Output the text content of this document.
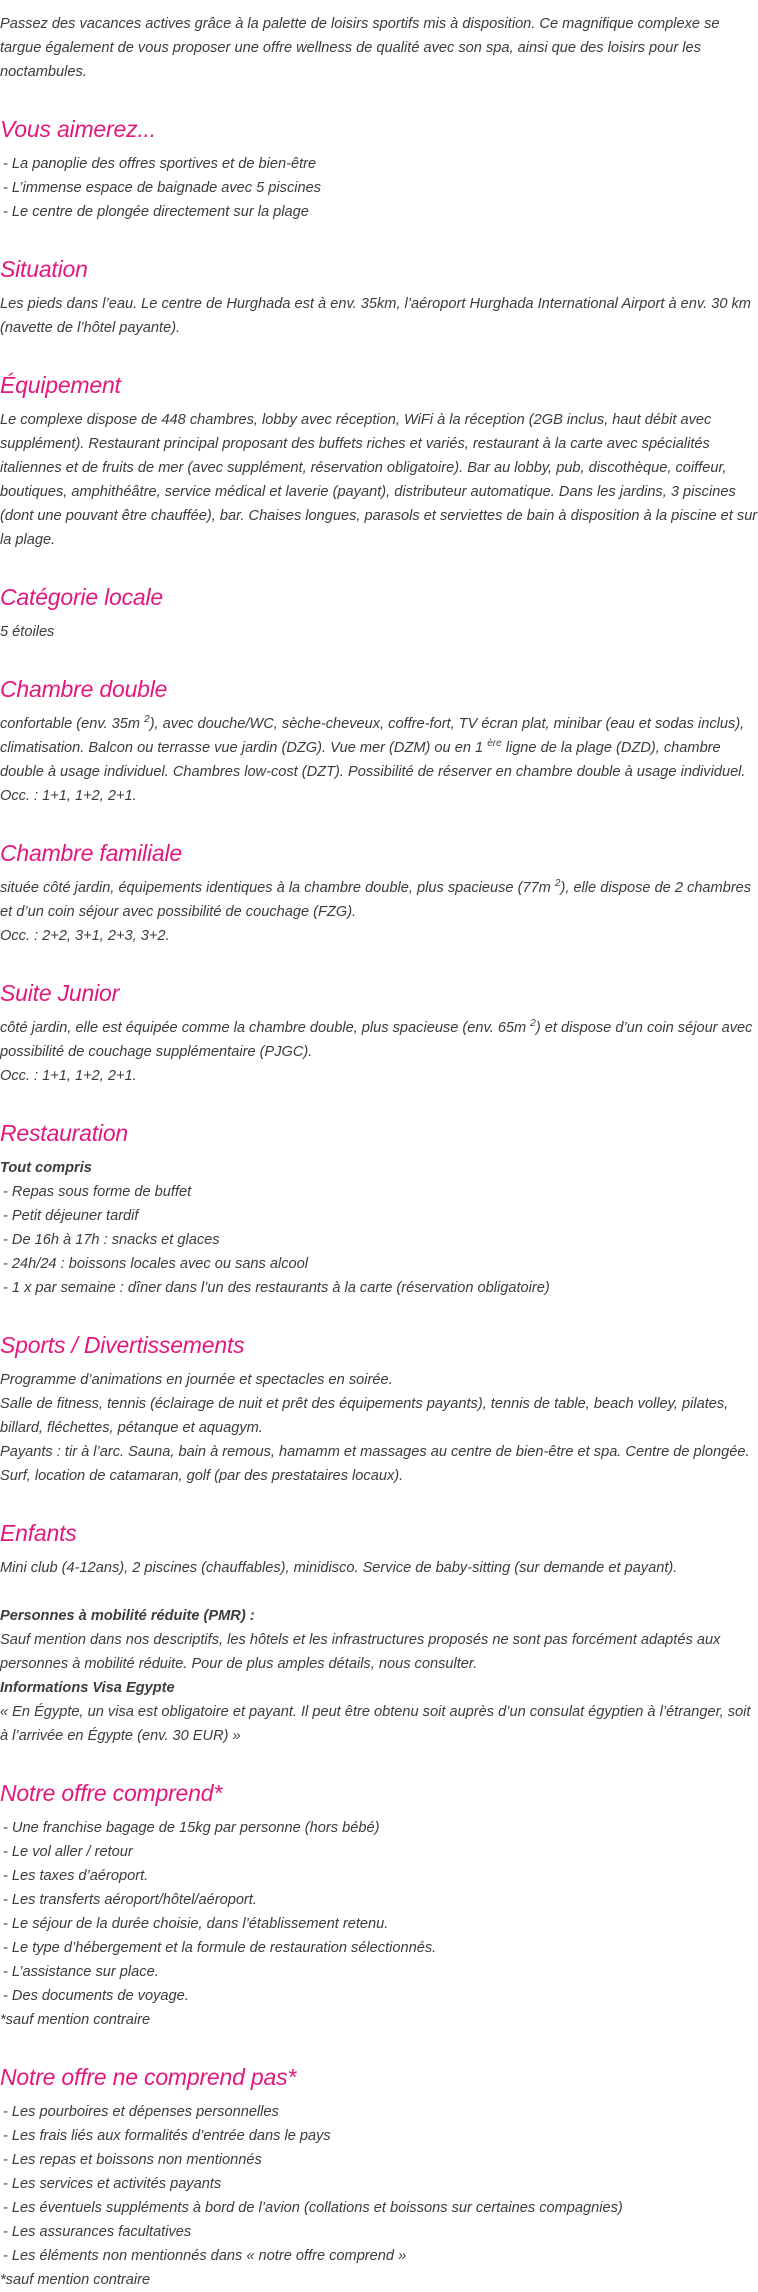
Passez des vacances actives grâce à la palette de loisirs sportifs mis à disposition. Ce magnifique complexe se targue également de vous proposer une offre wellness de qualité avec son spa, ainsi que des loisirs pour les noctambules.

Vous aimerez...
- La panoplie des offres sportives et de bien-être
- L’immense espace de baignade avec 5 piscines
- Le centre de plongée directement sur la plage
Situation

Les pieds dans l’eau. Le centre de Hurghada est à env. 35km, l’aéroport Hurghada International Airport à env. 30 km (navette de l’hôtel payante).

Équipement

Le complexe dispose de 448 chambres, lobby avec réception, WiFi à la réception (2GB inclus, haut débit avec supplément). Restaurant principal proposant des buffets riches et variés, restaurant à la carte avec spécialités italiennes et de fruits de mer (avec supplément, réservation obligatoire). Bar au lobby, pub, discothèque, coiffeur, boutiques, amphithéâtre, service médical et laverie (payant), distributeur automatique. Dans les jardins, 3 piscines (dont une pouvant être chauffée), bar. Chaises longues, parasols et serviettes de bain à disposition à la piscine et sur la plage.

Catégorie locale

5 étoiles

Chambre double

confortable (env. 35m $^2$), avec douche/WC, sèche-cheveux, coffre-fort, TV écran plat, minibar (eau et sodas inclus), climatisation. Balcon ou terrasse vue jardin (DZG). Vue mer (DZM) ou en 1 $^{ère}$ ligne de la plage (DZD), chambre double à usage individuel. Chambres low-cost (DZT). Possibilité de réserver en chambre double à usage individuel.

Occ. : 1+1, 1+2, 2+1.

Chambre familiale

située côté jardin, équipements identiques à la chambre double, plus spacieuse (77m $^2$), elle dispose de 2 chambres et d’un coin séjour avec possibilité de couchage (FZG).

Occ. : 2+2, 3+1, 2+3, 3+2.

Suite Junior

côté jardin, elle est équipée comme la chambre double, plus spacieuse (env. 65m $^2$) et dispose d’un coin séjour avec possibilité de couchage supplémentaire (PJGC).

Occ. : 1+1, 1+2, 2+1.

Restauration

Tout compris

- Repas sous forme de buffet
- Petit déjeuner tardif
- De 16h à 17h : snacks et glaces
- 24h/24 : boissons locales avec ou sans alcool
- 1 x par semaine : dîner dans l’un des restaurants à la carte (réservation obligatoire)
Sports / Divertissements

Programme d’animations en journée et spectacles en soirée.

Salle de fitness, tennis (éclairage de nuit et prêt des équipements payants), tennis de table, beach volley, pilates, billard, fléchettes, pétanque et aquagym.

Payants : tir à l’arc. Sauna, bain à remous, hamamm et massages au centre de bien-être et spa. Centre de plongée. Surf, location de catamaran, golf (par des prestataires locaux).

Enfants

Mini club (4-12ans), 2 piscines (chauffables), minidisco. Service de baby-sitting (sur demande et payant).

Personnes à mobilité réduite (PMR) :

Sauf mention dans nos descriptifs, les hôtels et les infrastructures proposés ne sont pas forcément adaptés aux personnes à mobilité réduite. Pour de plus amples détails, nous consulter.

Informations Visa Egypte

« En Égypte, un visa est obligatoire et payant. Il peut être obtenu soit auprès d’un consulat égyptien à l’étranger, soit à l’arrivée en Égypte (env. 30 EUR) »

Notre offre comprend*
- Une franchise bagage de 15kg par personne (hors bébé)
- Le vol aller / retour
- Les taxes d’aéroport.
- Les transferts aéroport/hôtel/aéroport.
- Le séjour de la durée choisie, dans l’établissement retenu.
- Le type d’hébergement et la formule de restauration sélectionnés.
- L’assistance sur place.
- Des documents de voyage.
*sauf mention contraire
Notre offre ne comprend pas*
- Les pourboires et dépenses personnelles
- Les frais liés aux formalités d’entrée dans le pays
- Les repas et boissons non mentionnés
- Les services et activités payants
- Les éventuels suppléments à bord de l’avion (collations et boissons sur certaines compagnies)
- Les assurances facultatives
- Les éléments non mentionnés dans « notre offre comprend »
*sauf mention contraire
